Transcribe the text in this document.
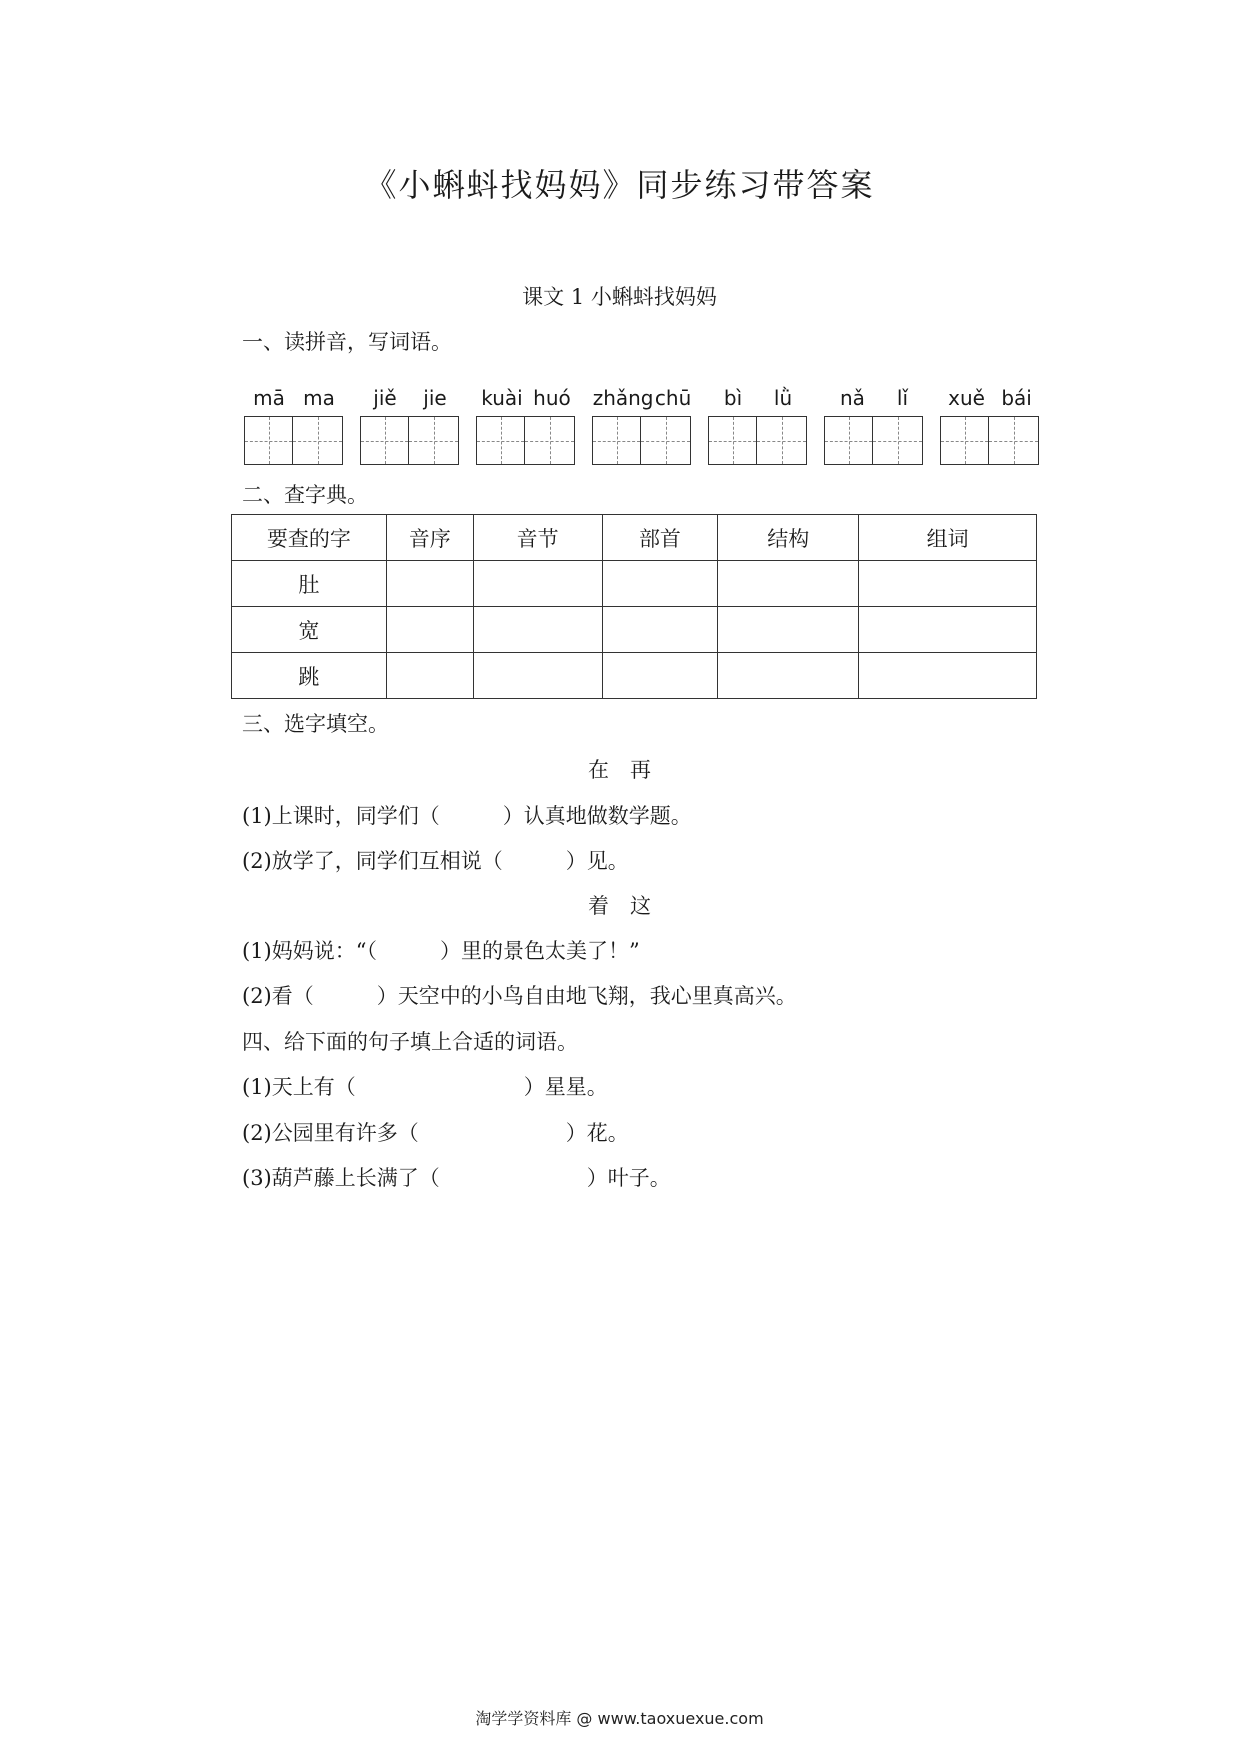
《小蝌蚪找妈妈》同步练习带答案
课文 1 小蝌蚪找妈妈
一、读拼音，写词语。
mā ma jiě jie kuài huó zhǎng chū bì lǜ nǎ lǐ xuě bái
二、查字典。
要查的字	音序	音节	部首	结构	组词
肚					
宽					
跳					
三、选字填空。
在　再
(1)上课时，同学们（　　　）认真地做数学题。
(2)放学了，同学们互相说（　　　）见。
着　这
(1)妈妈说：“（　　　）里的景色太美了！”
(2)看（　　　）天空中的小鸟自由地飞翔，我心里真高兴。
四、给下面的句子填上合适的词语。
(1)天上有（　　　　　　　　）星星。
(2)公园里有许多（　　　　　　　）花。
(3)葫芦藤上长满了（　　　　　　　）叶子。
淘学学资料库 @ www.taoxuexue.com
